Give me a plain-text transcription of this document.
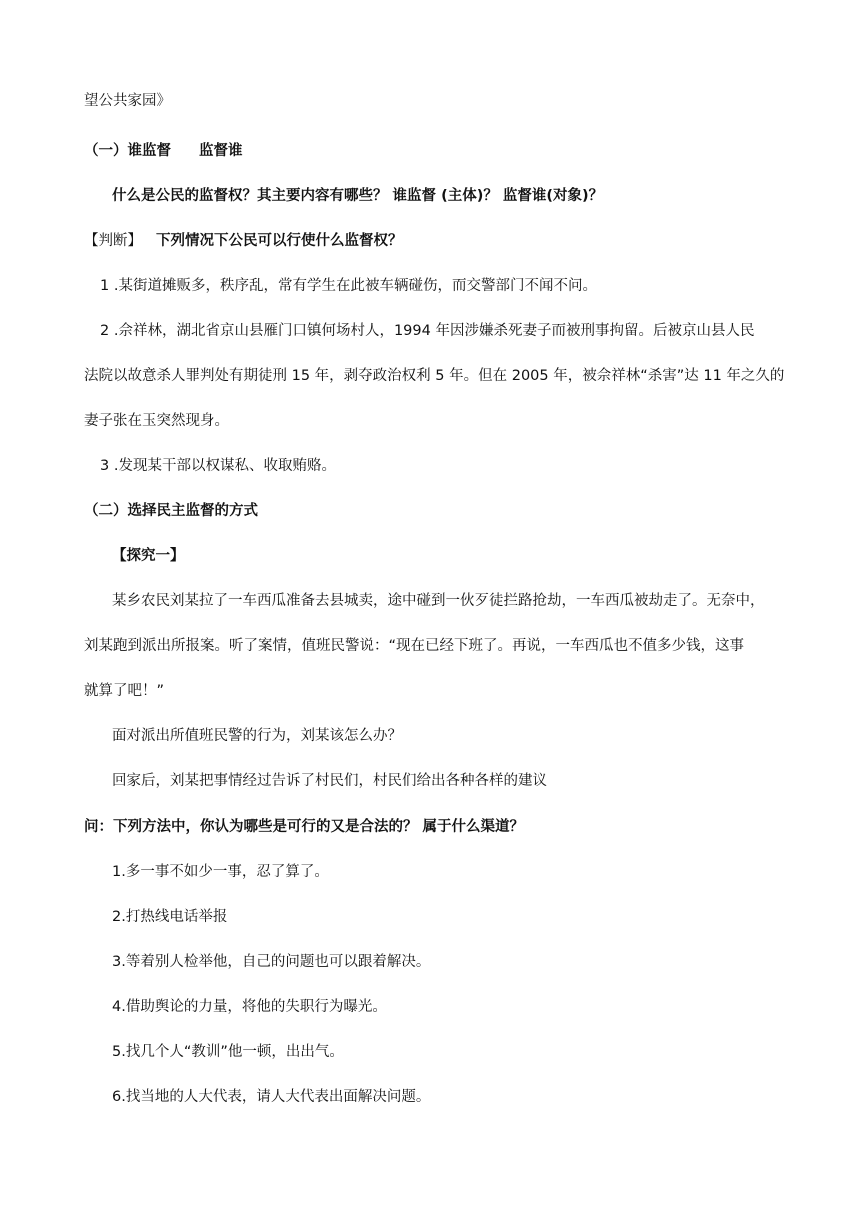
望公共家园》
（一）谁监督 监督谁
什么是公民的监督权？其主要内容有哪些？ 谁监督 (主体)？ 监督谁(对象)？
【判断】 下列情况下公民可以行使什么监督权？
1 .某街道摊贩多，秩序乱，常有学生在此被车辆碰伤，而交警部门不闻不问。
2 .佘祥林，湖北省京山县雁门口镇何场村人，1994 年因涉嫌杀死妻子而被刑事拘留。后被京山县人民
法院以故意杀人罪判处有期徒刑 15 年，剥夺政治权利 5 年。但在 2005 年，被佘祥林“杀害”达 11 年之久的
妻子张在玉突然现身。
3 .发现某干部以权谋私、收取贿赂。
（二）选择民主监督的方式
【探究一】
某乡农民刘某拉了一车西瓜准备去县城卖，途中碰到一伙歹徒拦路抢劫，一车西瓜被劫走了。无奈中，
刘某跑到派出所报案。听了案情，值班民警说：“现在已经下班了。再说，一车西瓜也不值多少钱，这事
就算了吧！”
面对派出所值班民警的行为，刘某该怎么办？
回家后，刘某把事情经过告诉了村民们，村民们给出各种各样的建议
问：下列方法中，你认为哪些是可行的又是合法的？ 属于什么渠道？
1.多一事不如少一事，忍了算了。
2.打热线电话举报
3.等着别人检举他，自己的问题也可以跟着解决。
4.借助舆论的力量，将他的失职行为曝光。
5.找几个人“教训”他一顿，出出气。
6.找当地的人大代表，请人大代表出面解决问题。
